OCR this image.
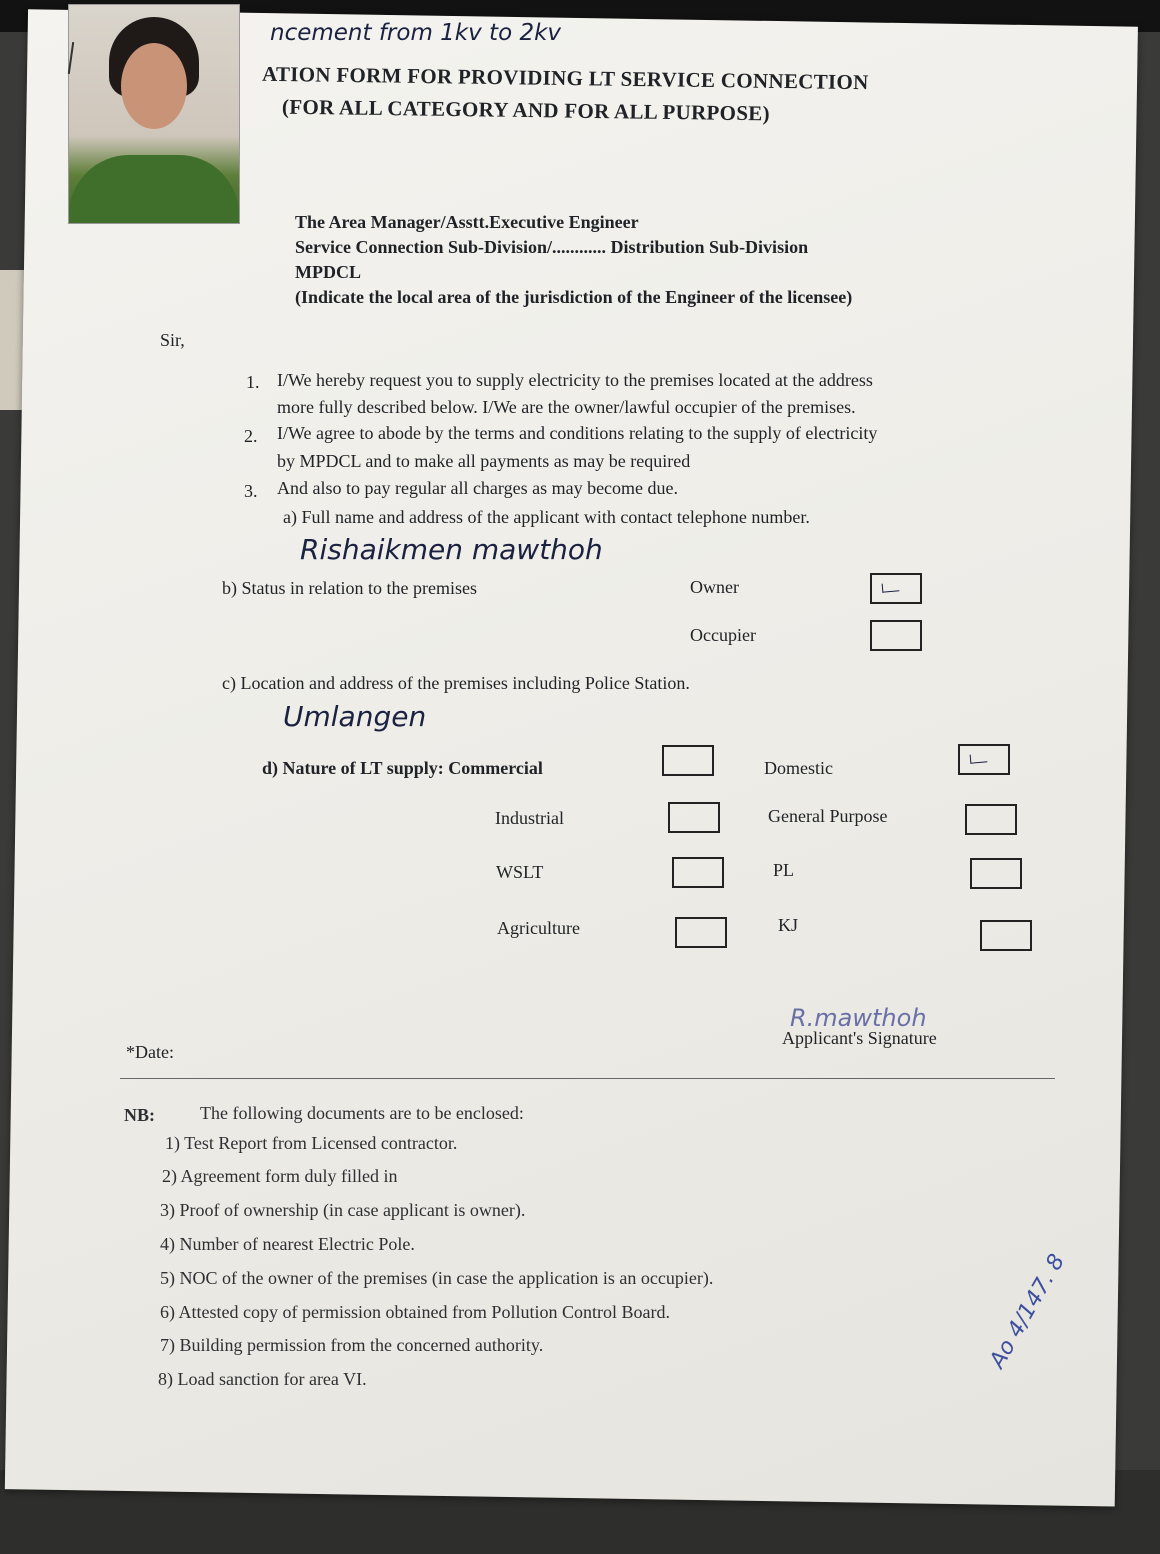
ncement from 1kv to 2kv
ATION FORM FOR PROVIDING LT SERVICE CONNECTION
(FOR ALL CATEGORY AND FOR ALL PURPOSE)
The Area Manager/Asstt.Executive Engineer
Service Connection Sub-Division/............ Distribution Sub-Division
MPDCL
(Indicate the local area of the jurisdiction of the Engineer of the licensee)
Sir,
1. I/We hereby request you to supply electricity to the premises located at the address
more fully described below. I/We are the owner/lawful occupier of the premises.
2. I/We agree to abode by the terms and conditions relating to the supply of electricity
by MPDCL and to make all payments as may be required
3. And also to pay regular all charges as may become due.
a) Full name and address of the applicant with contact telephone number.
Rishaikmen mawthoh
b) Status in relation to the premises	Owner
Occupier
c) Location and address of the premises including Police Station.
Umlangen
d) Nature of LT supply: Commercial	Domestic
Industrial	General Purpose
WSLT	PL
Agriculture	KJ
R.mawthoh
Applicant's Signature
*Date:
NB:	The following documents are to be enclosed:
1) Test Report from Licensed contractor.
2) Agreement form duly filled in
3) Proof of ownership (in case applicant is owner).
4) Number of nearest Electric Pole.
5) NOC of the owner of the premises (in case the application is an occupier).
6) Attested copy of permission obtained from Pollution Control Board.
7) Building permission from the concerned authority.
8) Load sanction for area VI.
Ao 4/147. 8
